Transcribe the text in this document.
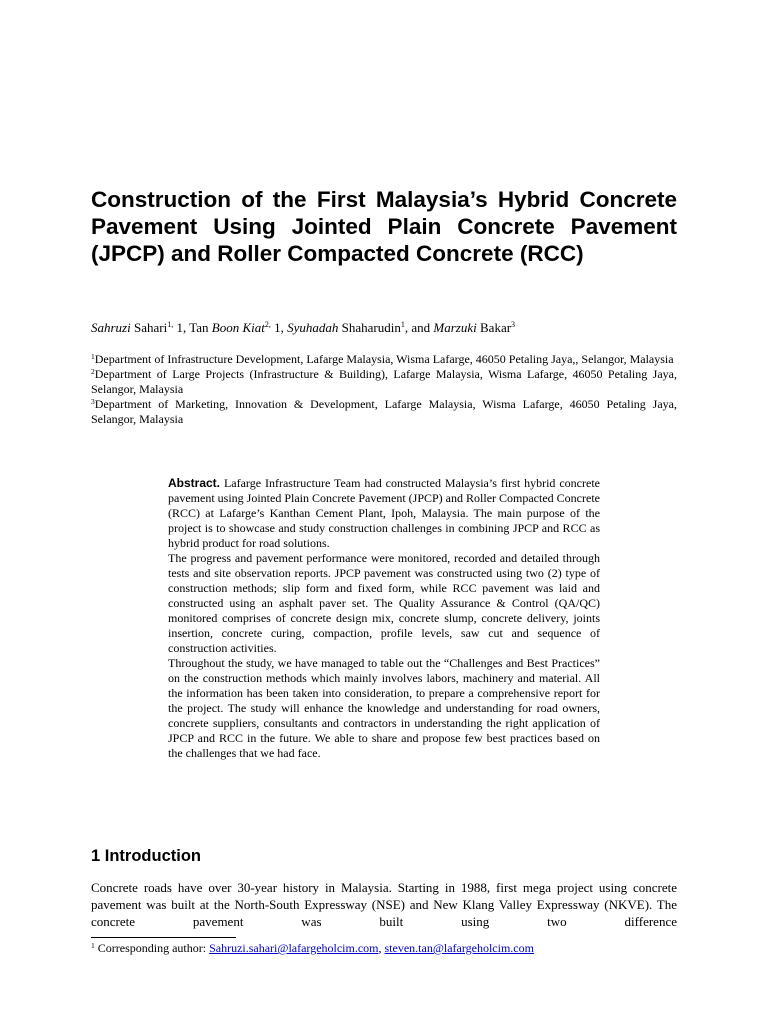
Construction of the First Malaysia’s Hybrid Concrete Pavement Using Jointed Plain Concrete Pavement (JPCP) and Roller Compacted Concrete (RCC)
Sahruzi Sahari$^{1,}$ 1, Tan Boon Kiat$^{2,}$ 1, Syuhadah Shaharudin$^1$, and Marzuki Bakar$^3$

$^1$Department of Infrastructure Development, Lafarge Malaysia, Wisma Lafarge, 46050 Petaling Jaya,, Selangor, Malaysia

$^2$Department of Large Projects (Infrastructure & Building), Lafarge Malaysia, Wisma Lafarge, 46050 Petaling Jaya, Selangor, Malaysia

$^3$Department of Marketing, Innovation & Development, Lafarge Malaysia, Wisma Lafarge, 46050 Petaling Jaya, Selangor, Malaysia

Abstract. Lafarge Infrastructure Team had constructed Malaysia’s first hybrid concrete pavement using Jointed Plain Concrete Pavement (JPCP) and Roller Compacted Concrete (RCC) at Lafarge’s Kanthan Cement Plant, Ipoh, Malaysia. The main purpose of the project is to showcase and study construction challenges in combining JPCP and RCC as hybrid product for road solutions.

The progress and pavement performance were monitored, recorded and detailed through tests and site observation reports. JPCP pavement was constructed using two (2) type of construction methods; slip form and fixed form, while RCC pavement was laid and constructed using an asphalt paver set. The Quality Assurance & Control (QA/QC) monitored comprises of concrete design mix, concrete slump, concrete delivery, joints insertion, concrete curing, compaction, profile levels, saw cut and sequence of construction activities.

Throughout the study, we have managed to table out the “Challenges and Best Practices” on the construction methods which mainly involves labors, machinery and material. All the information has been taken into consideration, to prepare a comprehensive report for the project. The study will enhance the knowledge and understanding for road owners, concrete suppliers, consultants and contractors in understanding the right application of JPCP and RCC in the future. We able to share and propose few best practices based on the challenges that we had face.

1 Introduction

Concrete roads have over 30-year history in Malaysia. Starting in 1988, first mega project using concrete pavement was built at the North-South Expressway (NSE) and New Klang Valley Expressway (NKVE). The concrete pavement was built using two difference

$^1$ Corresponding author: Sahruzi.sahari@lafargeholcim.com, steven.tan@lafargeholcim.com
